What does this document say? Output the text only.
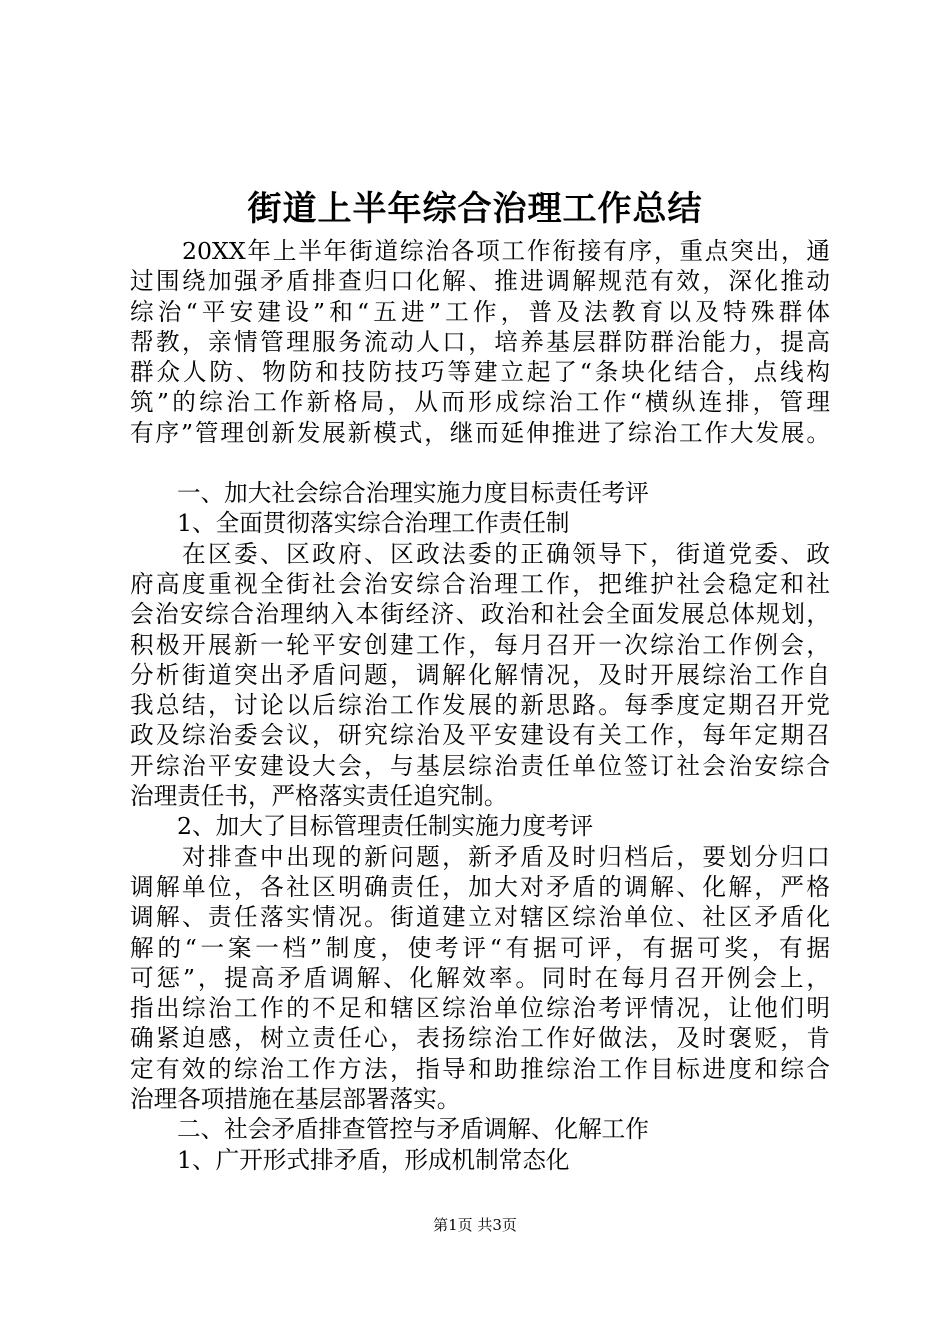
街道上半年综合治理工作总结
20XX年上半年街道综治各项工作衔接有序，重点突出，通
过围绕加强矛盾排查归口化解、推进调解规范有效，深化推动
综治“平安建设”和“五进”工作，普及法教育以及特殊群体
帮教，亲情管理服务流动人口，培养基层群防群治能力，提高
群众人防、物防和技防技巧等建立起了“条块化结合，点线构
筑”的综治工作新格局，从而形成综治工作“横纵连排，管理
有序”管理创新发展新模式，继而延伸推进了综治工作大发展。
一、加大社会综合治理实施力度目标责任考评
1、全面贯彻落实综合治理工作责任制
在区委、区政府、区政法委的正确领导下，街道党委、政
府高度重视全街社会治安综合治理工作，把维护社会稳定和社
会治安综合治理纳入本街经济、政治和社会全面发展总体规划，
积极开展新一轮平安创建工作，每月召开一次综治工作例会，
分析街道突出矛盾问题，调解化解情况，及时开展综治工作自
我总结，讨论以后综治工作发展的新思路。每季度定期召开党
政及综治委会议，研究综治及平安建设有关工作，每年定期召
开综治平安建设大会，与基层综治责任单位签订社会治安综合
治理责任书，严格落实责任追究制。
2、加大了目标管理责任制实施力度考评
对排查中出现的新问题，新矛盾及时归档后，要划分归口
调解单位，各社区明确责任，加大对矛盾的调解、化解，严格
调解、责任落实情况。街道建立对辖区综治单位、社区矛盾化
解的“一案一档”制度，使考评“有据可评，有据可奖，有据
可惩”，提高矛盾调解、化解效率。同时在每月召开例会上，
指出综治工作的不足和辖区综治单位综治考评情况，让他们明
确紧迫感，树立责任心，表扬综治工作好做法，及时褒贬，肯
定有效的综治工作方法，指导和助推综治工作目标进度和综合
治理各项措施在基层部署落实。
二、社会矛盾排查管控与矛盾调解、化解工作
1、广开形式排矛盾，形成机制常态化
第1页 共3页
